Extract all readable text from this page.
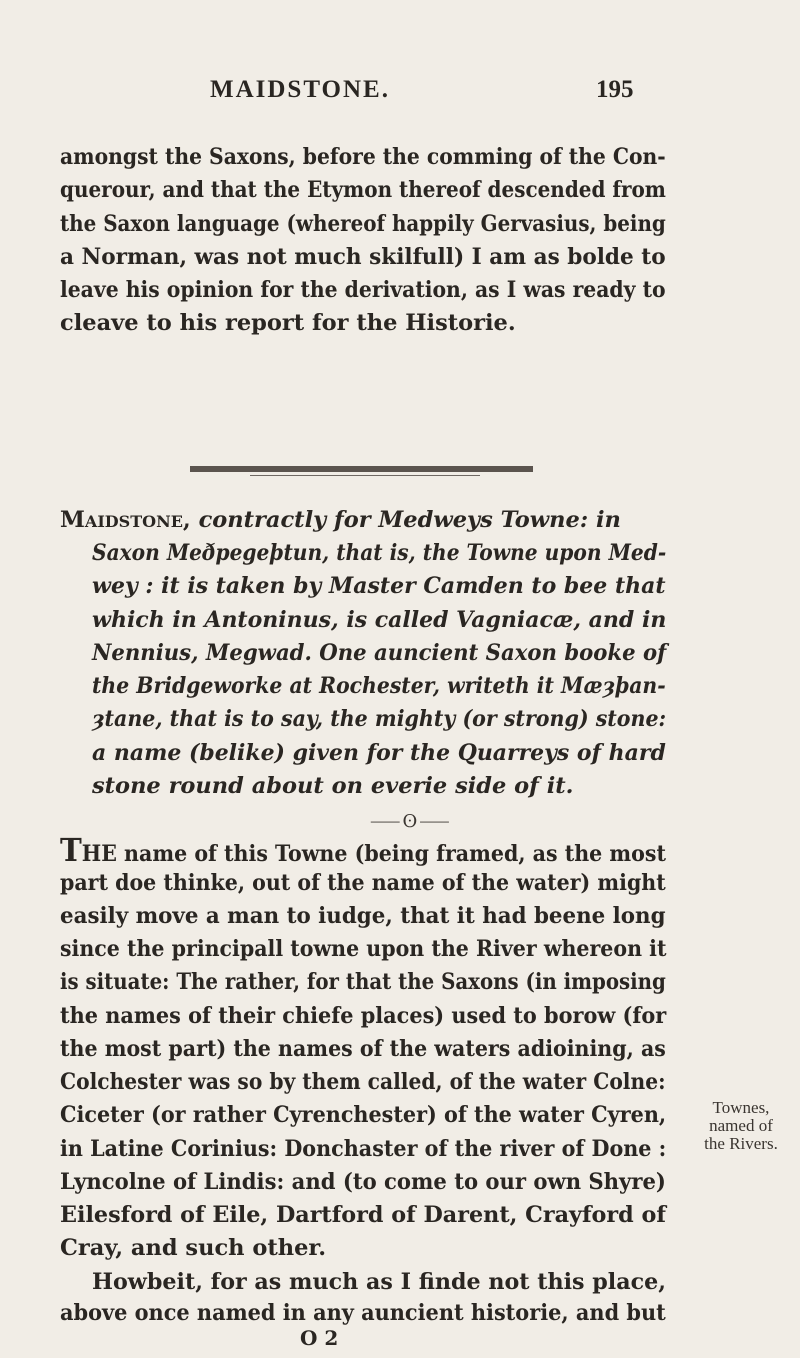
MAIDSTONE.	195
amongst the Saxons, before the comming of the Con-
querour, and that the Etymon thereof descended from
the Saxon language (whereof happily Gervasius, being
a Norman, was not much skilfull) I am as bolde to
leave his opinion for the derivation, as I was ready to
cleave to his report for the Historie.
Maidstone, contractly for Medweys Towne: in
Saxon Meðpegeþtun, that is, the Towne upon Med-
wey : it is taken by Master Camden to bee that
which in Antoninus, is called Vagniacæ, and in
Nennius, Megwad. One auncient Saxon booke of
the Bridgeworke at Rochester, writeth it Mæȝþan-
ȝtane, that is to say, the mighty (or strong) stone:
a name (belike) given for the Quarreys of hard
stone round about on everie side of it.
⸺ʘ⸺
THE name of this Towne (being framed, as the most
part doe thinke, out of the name of the water) might
easily move a man to iudge, that it had beene long
since the principall towne upon the River whereon it
is situate: The rather, for that the Saxons (in imposing
the names of their chiefe places) used to borow (for
the most part) the names of the waters adioining, as
Colchester was so by them called, of the water Colne:
Ciceter (or rather Cyrenchester) of the water Cyren,
in Latine Corinius: Donchaster of the river of Done :
Lyncolne of Lindis: and (to come to our own Shyre)
Eilesford of Eile, Dartford of Darent, Crayford of
Cray, and such other.
Howbeit, for as much as I finde not this place,
above once named in any auncient historie, and but
Townes,
named of
the Rivers.
O 2
